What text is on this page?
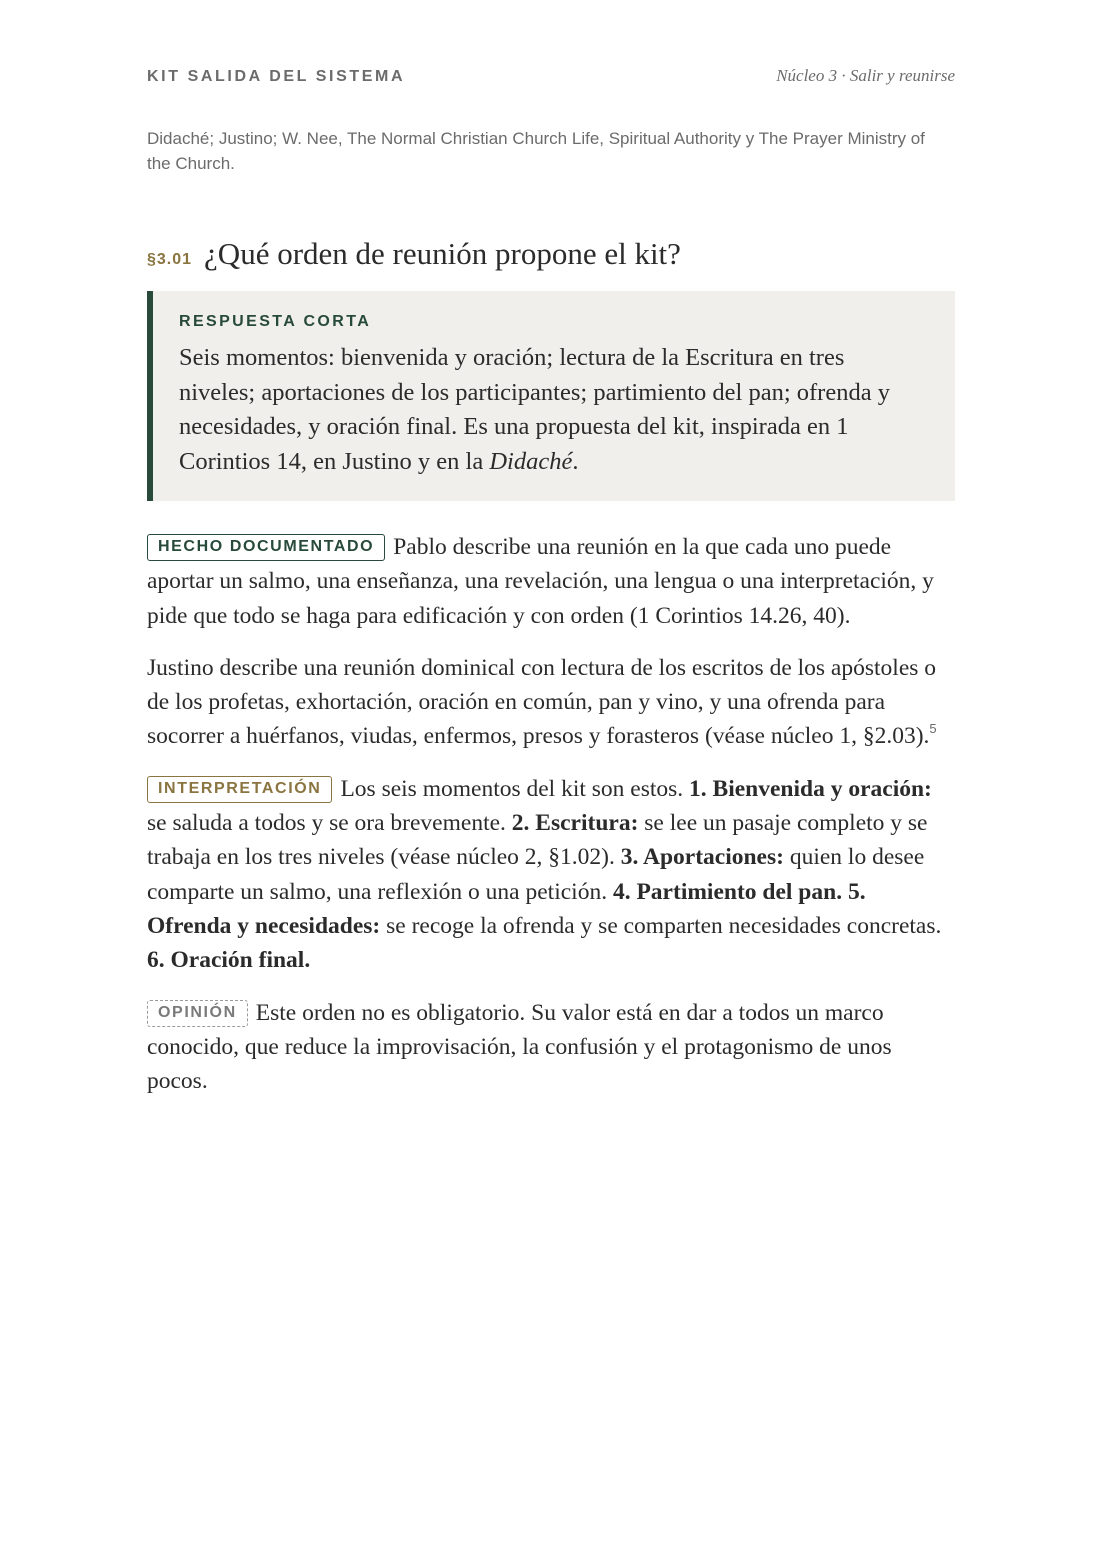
KIT SALIDA DEL SISTEMA	Núcleo 3 · Salir y reunirse
Didaché; Justino; W. Nee, The Normal Christian Church Life, Spiritual Authority y The Prayer Ministry of the Church.
§3.01 ¿Qué orden de reunión propone el kit?
RESPUESTA CORTA
Seis momentos: bienvenida y oración; lectura de la Escritura en tres niveles; aportaciones de los participantes; partimiento del pan; ofrenda y necesidades, y oración final. Es una propuesta del kit, inspirada en 1 Corintios 14, en Justino y en la Didaché.

HECHO DOCUMENTADO Pablo describe una reunión en la que cada uno puede aportar un salmo, una enseñanza, una revelación, una lengua o una interpretación, y pide que todo se haga para edificación y con orden (1 Corintios 14.26, 40).

Justino describe una reunión dominical con lectura de los escritos de los apóstoles o de los profetas, exhortación, oración en común, pan y vino, y una ofrenda para socorrer a huérfanos, viudas, enfermos, presos y forasteros (véase núcleo 1, §2.03).$^5$

INTERPRETACIÓN Los seis momentos del kit son estos. 1. Bienvenida y oración: se saluda a todos y se ora brevemente. 2. Escritura: se lee un pasaje completo y se trabaja en los tres niveles (véase núcleo 2, §1.02). 3. Aportaciones: quien lo desee comparte un salmo, una reflexión o una petición. 4. Partimiento del pan. 5. Ofrenda y necesidades: se recoge la ofrenda y se comparten necesidades concretas. 6. Oración final.

OPINIÓN Este orden no es obligatorio. Su valor está en dar a todos un marco conocido, que reduce la improvisación, la confusión y el protagonismo de unos pocos.
